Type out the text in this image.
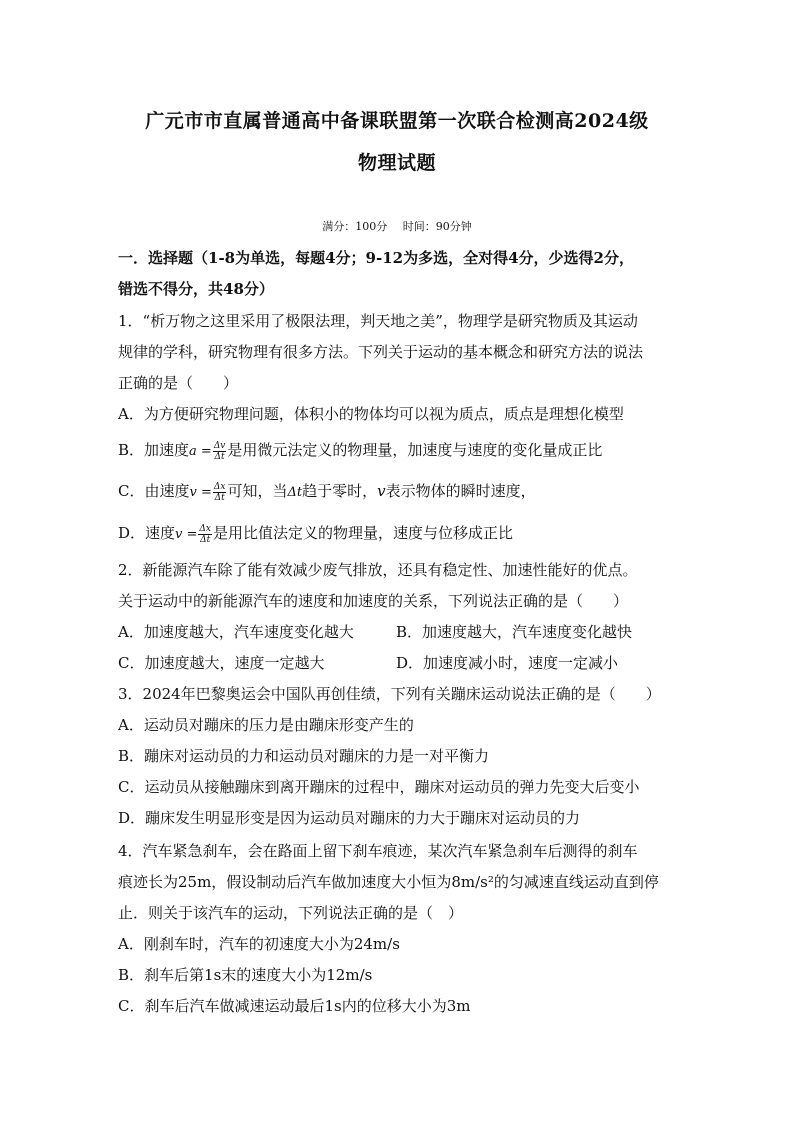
广元市市直属普通高中备课联盟第一次联合检测高2024级
物理试题
满分：100分 时间：90分钟
一．选择题（1-8为单选，每题4分；9-12为多选，全对得4分，少选得2分，
错选不得分，共48分）
1．“析万物之这里采用了极限法理，判天地之美”，物理学是研究物质及其运动
规律的学科，研究物理有很多方法。下列关于运动的基本概念和研究方法的说法
正确的是（　　）
A．为方便研究物理问题，体积小的物体均可以视为质点，质点是理想化模型
B．加速度$a = \frac{\Delta v}{\Delta t}$ 是用微元法定义的物理量，加速度与速度的变化量成正比
C．由速度$v = \frac{\Delta x}{\Delta t}$ 可知，当Δt趋于零时，v表示物体的瞬时速度，
D．速度$v = \frac{\Delta x}{\Delta t}$ 是用比值法定义的物理量，速度与位移成正比
2．新能源汽车除了能有效减少废气排放，还具有稳定性、加速性能好的优点。
关于运动中的新能源汽车的速度和加速度的关系，下列说法正确的是（　　）
A．加速度越大，汽车速度变化越大	B．加速度越大，汽车速度变化越快
C．加速度越大，速度一定越大	D．加速度减小时，速度一定减小
3．2024年巴黎奥运会中国队再创佳绩，下列有关蹦床运动说法正确的是（　　）
A．运动员对蹦床的压力是由蹦床形变产生的
B．蹦床对运动员的力和运动员对蹦床的力是一对平衡力
C．运动员从接触蹦床到离开蹦床的过程中，蹦床对运动员的弹力先变大后变小
D．蹦床发生明显形变是因为运动员对蹦床的力大于蹦床对运动员的力
4．汽车紧急刹车，会在路面上留下刹车痕迹，某次汽车紧急刹车后测得的刹车
痕迹长为25m，假设制动后汽车做加速度大小恒为8m/s²的匀减速直线运动直到停
止．则关于该汽车的运动，下列说法正确的是（　）
A．刚刹车时，汽车的初速度大小为24m/s
B．刹车后第1s末的速度大小为12m/s
C．刹车后汽车做减速运动最后1s内的位移大小为3m
